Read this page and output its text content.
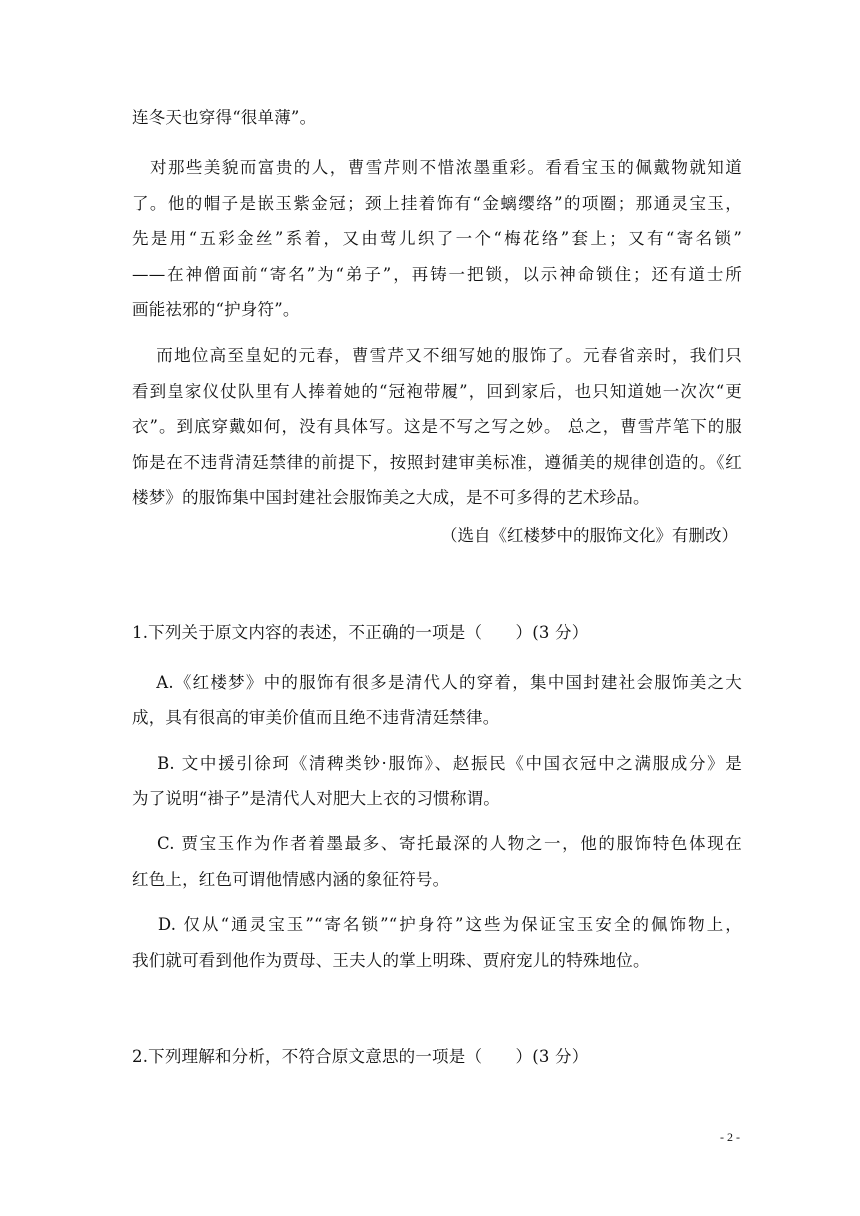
连冬天也穿得“很单薄”。
　对那些美貌而富贵的人，曹雪芹则不惜浓墨重彩。看看宝玉的佩戴物就知道
了。他的帽子是嵌玉紫金冠；颈上挂着饰有“金螭缨络”的项圈；那通灵宝玉，
先是用“五彩金丝”系着，又由莺儿织了一个“梅花络”套上；又有“寄名锁”
——在神僧面前“寄名”为“弟子”，再铸一把锁，以示神命锁住；还有道士所
画能祛邪的“护身符”。
　 而地位高至皇妃的元春，曹雪芹又不细写她的服饰了。元春省亲时，我们只
看到皇家仪仗队里有人捧着她的“冠袍带履”，回到家后，也只知道她一次次“更
衣”。到底穿戴如何，没有具体写。这是不写之写之妙。 总之，曹雪芹笔下的服
饰是在不违背清廷禁律的前提下，按照封建审美标准，遵循美的规律创造的。《红
楼梦》的服饰集中国封建社会服饰美之大成，是不可多得的艺术珍品。
（选自《红楼梦中的服饰文化》有删改）
1.下列关于原文内容的表述，不正确的一项是（　　）(3 分）
　 A.《红楼梦》中的服饰有很多是清代人的穿着，集中国封建社会服饰美之大
成，具有很高的审美价值而且绝不违背清廷禁律。
　 B. 文中援引徐珂《清稗类钞·服饰》、赵振民《中国衣冠中之满服成分》是
为了说明“褂子”是清代人对肥大上衣的习惯称谓。
　 C. 贾宝玉作为作者着墨最多、寄托最深的人物之一，他的服饰特色体现在
红色上，红色可谓他情感内涵的象征符号。
　 D. 仅从“通灵宝玉”“寄名锁”“护身符”这些为保证宝玉安全的佩饰物上，
我们就可看到他作为贾母、王夫人的掌上明珠、贾府宠儿的特殊地位。
2.下列理解和分析，不符合原文意思的一项是（　　）(3 分）
- 2 -
